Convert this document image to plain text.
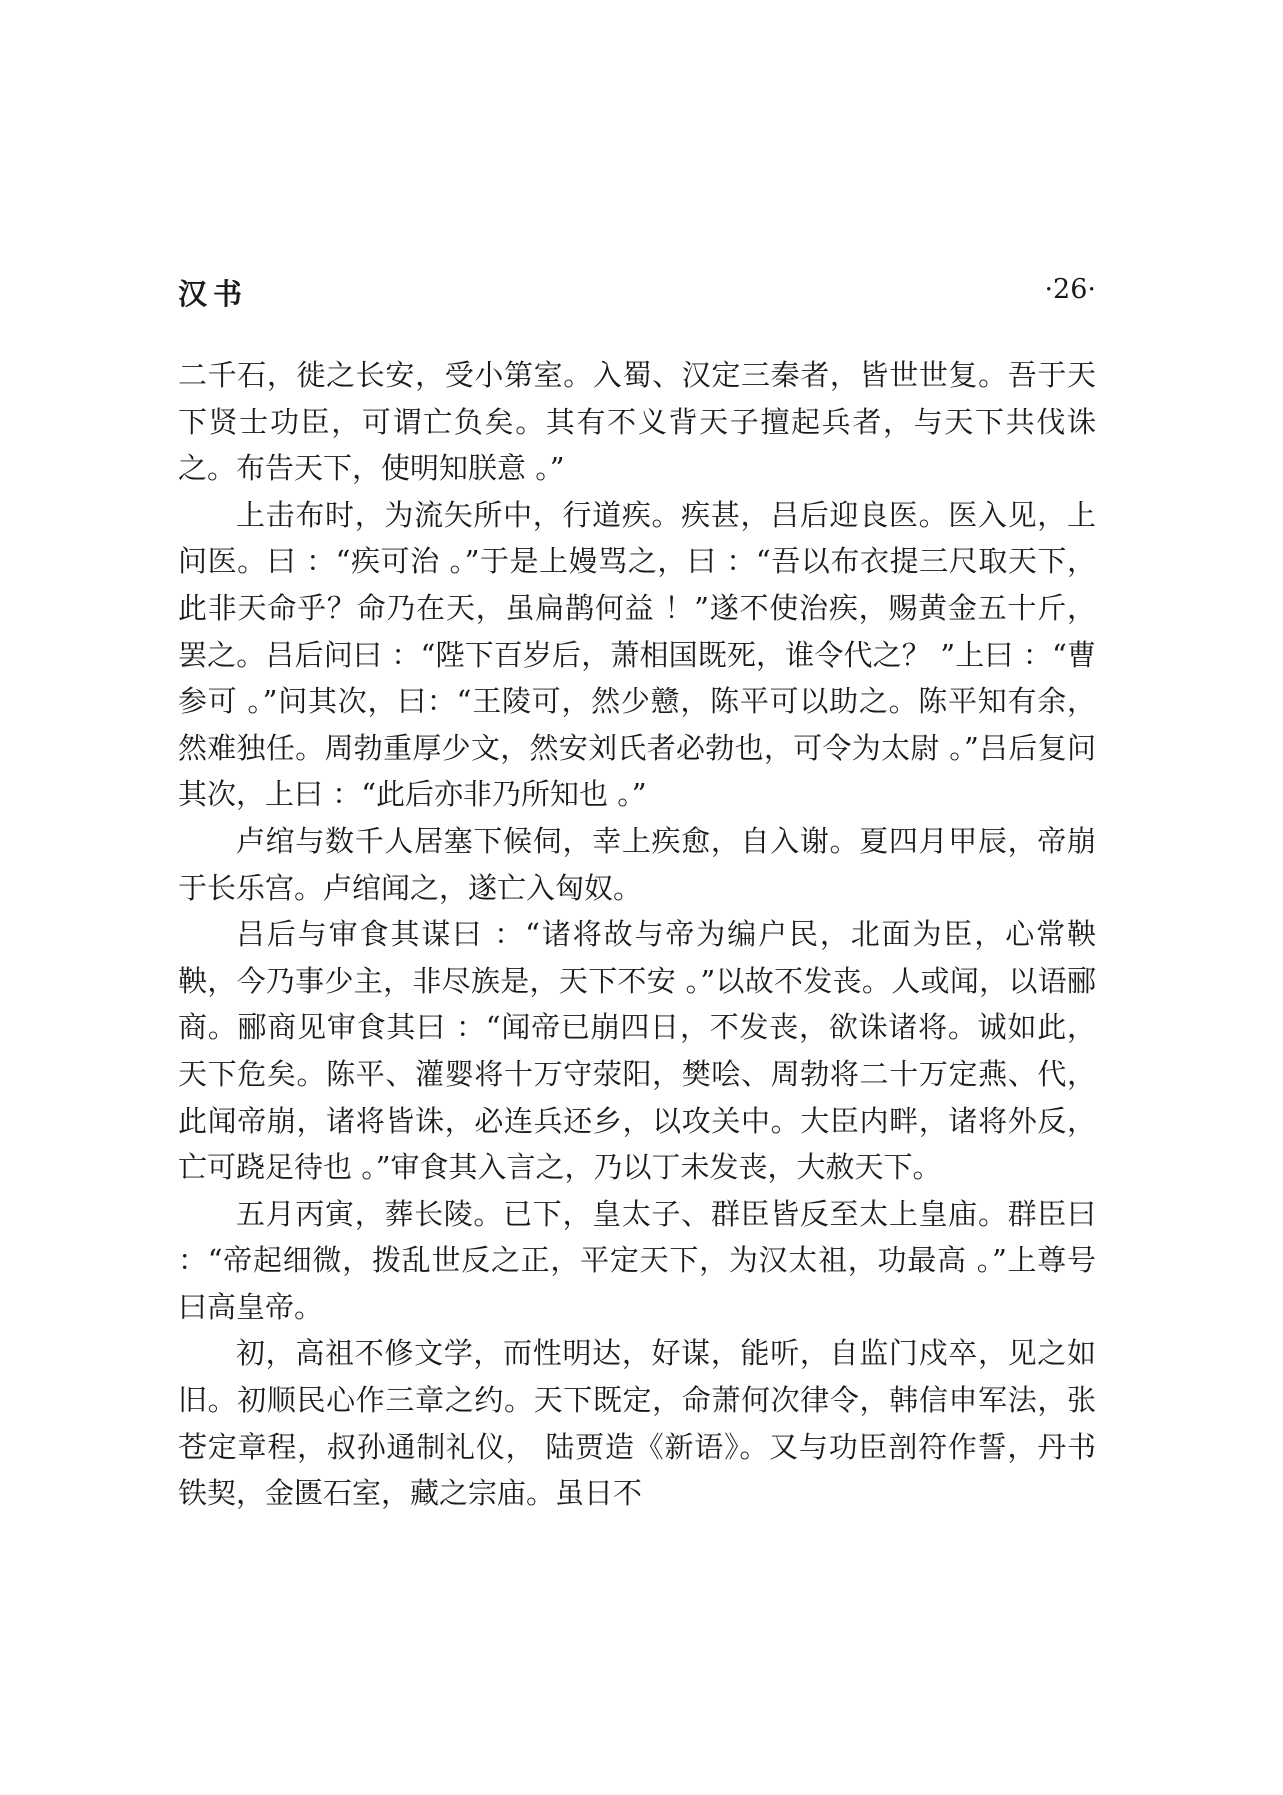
汉书	·26·

二千石，徙之长安，受小第室。入蜀、汉定三秦者，皆世世复。吾于天下贤士功臣，可谓亡负矣。其有不义背天子擅起兵者，与天下共伐诛之。布告天下，使明知朕意 。”

上击布时，为流矢所中，行道疾。疾甚，吕后迎良医。医入见，上问医。曰 ：“疾可治 。”于是上嫚骂之，曰 ：“吾以布衣提三尺取天下，此非天命乎？命乃在天，虽扁鹊何益 ！”遂不使治疾，赐黄金五十斤，罢之。吕后问曰 ：“陛下百岁后，萧相国既死，谁令代之？ ”上曰 ：“曹参可 。”问其次，曰：“王陵可，然少戆，陈平可以助之。陈平知有余，然难独任。周勃重厚少文，然安刘氏者必勃也，可令为太尉 。”吕后复问其次，上曰 ：“此后亦非乃所知也 。”

卢绾与数千人居塞下候伺，幸上疾愈，自入谢。夏四月甲辰，帝崩于长乐宫。卢绾闻之，遂亡入匈奴。

吕后与审食其谋曰 ：“诸将故与帝为编户民，北面为臣，心常鞅鞅，今乃事少主，非尽族是，天下不安 。”以故不发丧。人或闻，以语郦商。郦商见审食其曰 ：“闻帝已崩四日，不发丧，欲诛诸将。诚如此，天下危矣。陈平、灌婴将十万守荥阳，樊哙、周勃将二十万定燕、代，此闻帝崩，诸将皆诛，必连兵还乡，以攻关中。大臣内畔，诸将外反，亡可跷足待也 。”审食其入言之，乃以丁未发丧，大赦天下。

五月丙寅，葬长陵。已下，皇太子、群臣皆反至太上皇庙。群臣曰 ：“帝起细微，拨乱世反之正，平定天下，为汉太祖，功最高 。”上尊号曰高皇帝。

初，高祖不修文学，而性明达，好谋，能听，自监门戍卒，见之如旧。初顺民心作三章之约。天下既定，命萧何次律令，韩信申军法，张苍定章程，叔孙通制礼仪， 陆贾造《新语》。又与功臣剖符作誓，丹书铁契，金匮石室，藏之宗庙。虽日不
